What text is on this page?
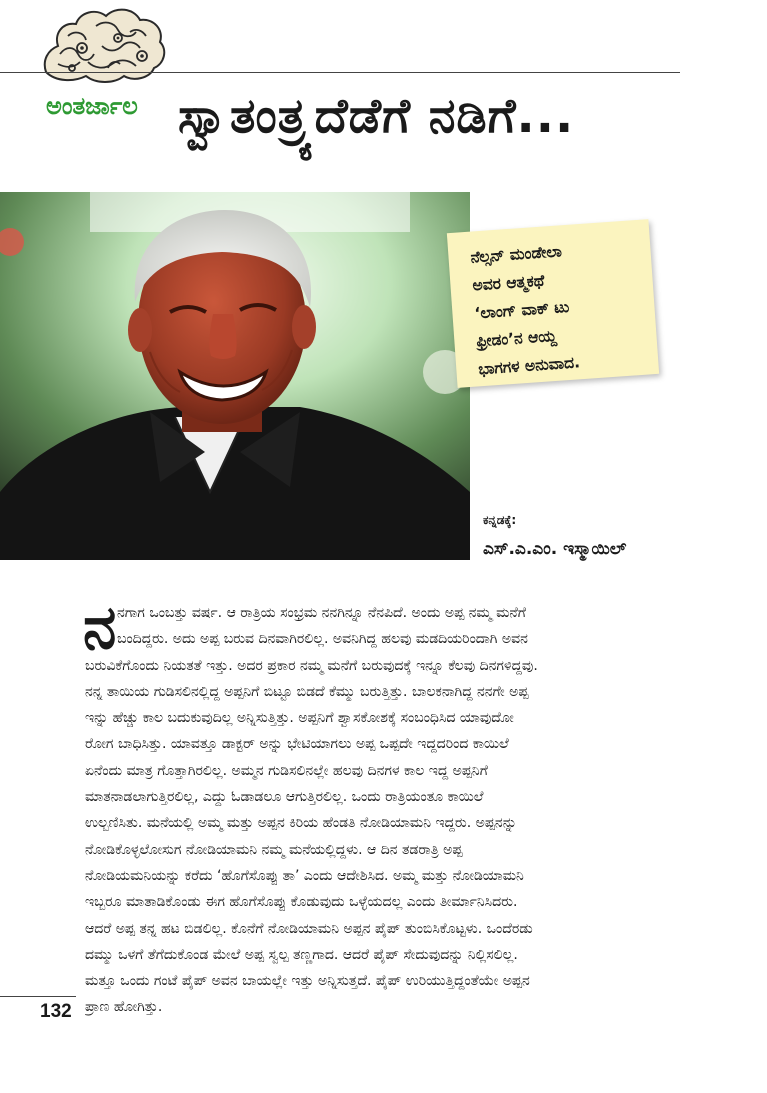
ಅಂತರ್ಜಾಲ ಸ್ವಾತಂತ್ರ್ಯದೆಡೆಗೆ ನಡಿಗೆ...

ನೆಲ್ಸನ್ ಮಂಡೇಲಾ

ಅವರ ಆತ್ಮಕಥೆ

‘ಲಾಂಗ್ ವಾಕ್ ಟು

ಫ್ರೀಡಂ’ನ ಆಯ್ದ

ಭಾಗಗಳ ಅನುವಾದ.

ಕನ್ನಡಕ್ಕೆ:
ಎಸ್.ಎ.ಎಂ. ಇಸ್ಮಾಯಿಲ್
ನ ನಗಾಗ ಒಂಬತ್ತು ವರ್ಷ. ಆ ರಾತ್ರಿಯ ಸಂಭ್ರಮ ನನಗಿನ್ನೂ ನೆನಪಿದೆ. ಅಂದು ಅಪ್ಪ ನಮ್ಮ ಮನೆಗೆ
ಬಂದಿದ್ದರು. ಅದು ಅಪ್ಪ ಬರುವ ದಿನವಾಗಿರಲಿಲ್ಲ. ಅವನಿಗಿದ್ದ ಹಲವು ಮಡದಿಯರಿಂದಾಗಿ ಅವನ
ಬರುವಿಕೆಗೊಂದು ನಿಯತತೆ ಇತ್ತು. ಅದರ ಪ್ರಕಾರ ನಮ್ಮ ಮನೆಗೆ ಬರುವುದಕ್ಕೆ ಇನ್ನೂ ಕೆಲವು ದಿನಗಳಿದ್ದವು.
ನನ್ನ ತಾಯಿಯ ಗುಡಿಸಲಿನಲ್ಲಿದ್ದ ಅಪ್ಪನಿಗೆ ಬಿಟ್ಟೂ ಬಿಡದೆ ಕೆಮ್ಮು ಬರುತ್ತಿತ್ತು. ಬಾಲಕನಾಗಿದ್ದ ನನಗೇ ಅಪ್ಪ
ಇನ್ನು ಹೆಚ್ಚು ಕಾಲ ಬದುಕುವುದಿಲ್ಲ ಅನ್ನಿಸುತ್ತಿತ್ತು. ಅಪ್ಪನಿಗೆ ಶ್ವಾಸಕೋಶಕ್ಕೆ ಸಂಬಂಧಿಸಿದ ಯಾವುದೋ
ರೋಗ ಬಾಧಿಸಿತ್ತು. ಯಾವತ್ತೂ ಡಾಕ್ಟರ್ ಅನ್ನು ಭೇಟಿಯಾಗಲು ಅಪ್ಪ ಒಪ್ಪದೇ ಇದ್ದದರಿಂದ ಕಾಯಿಲೆ
ಏನೆಂದು ಮಾತ್ರ ಗೊತ್ತಾಗಿರಲಿಲ್ಲ. ಅಮ್ಮನ ಗುಡಿಸಲಿನಲ್ಲೇ ಹಲವು ದಿನಗಳ ಕಾಲ ಇದ್ದ ಅಪ್ಪನಿಗೆ
ಮಾತನಾಡಲಾಗುತ್ತಿರಲಿಲ್ಲ, ಎದ್ದು ಓಡಾಡಲೂ ಆಗುತ್ತಿರಲಿಲ್ಲ. ಒಂದು ರಾತ್ರಿಯಂತೂ ಕಾಯಿಲೆ
ಉಲ್ಬಣಿಸಿತು. ಮನೆಯಲ್ಲಿ ಅಮ್ಮ ಮತ್ತು ಅಪ್ಪನ ಕಿರಿಯ ಹೆಂಡತಿ ನೋಡಿಯಾಮನಿ ಇದ್ದರು. ಅಪ್ಪನನ್ನು
ನೋಡಿಕೊಳ್ಳಲೋಸುಗ ನೋಡಿಯಾಮನಿ ನಮ್ಮ ಮನೆಯಲ್ಲಿದ್ದಳು. ಆ ದಿನ ತಡರಾತ್ರಿ ಅಪ್ಪ
ನೋಡಿಯಮನಿಯನ್ನು ಕರೆದು ‘ಹೊಗೆಸೊಪ್ಪು ತಾ’ ಎಂದು ಆದೇಶಿಸಿದ. ಅಮ್ಮ ಮತ್ತು ನೋಡಿಯಾಮನಿ
ಇಬ್ಬರೂ ಮಾತಾಡಿಕೊಂಡು ಈಗ ಹೊಗೆಸೊಪ್ಪು ಕೊಡುವುದು ಒಳ್ಳೆಯದಲ್ಲ ಎಂದು ತೀರ್ಮಾನಿಸಿದರು.
ಆದರೆ ಅಪ್ಪ ತನ್ನ ಹಟ ಬಿಡಲಿಲ್ಲ. ಕೊನೆಗೆ ನೋಡಿಯಾಮನಿ ಅಪ್ಪನ ಪೈಪ್ ತುಂಬಿಸಿಕೊಟ್ಟಳು. ಒಂದೆರಡು
ದಮ್ಮು ಒಳಗೆ ತೆಗೆದುಕೊಂಡ ಮೇಲೆ ಅಪ್ಪ ಸ್ವಲ್ಪ ತಣ್ಣಗಾದ. ಆದರೆ ಪೈಪ್ ಸೇದುವುದನ್ನು ನಿಲ್ಲಿಸಲಿಲ್ಲ.
ಮತ್ತೂ ಒಂದು ಗಂಟೆ ಪೈಪ್ ಅವನ ಬಾಯಲ್ಲೇ ಇತ್ತು ಅನ್ನಿಸುತ್ತದೆ. ಪೈಪ್ ಉರಿಯುತ್ತಿದ್ದಂತೆಯೇ ಅಪ್ಪನ
ಪ್ರಾಣ ಹೋಗಿತ್ತು.
132
